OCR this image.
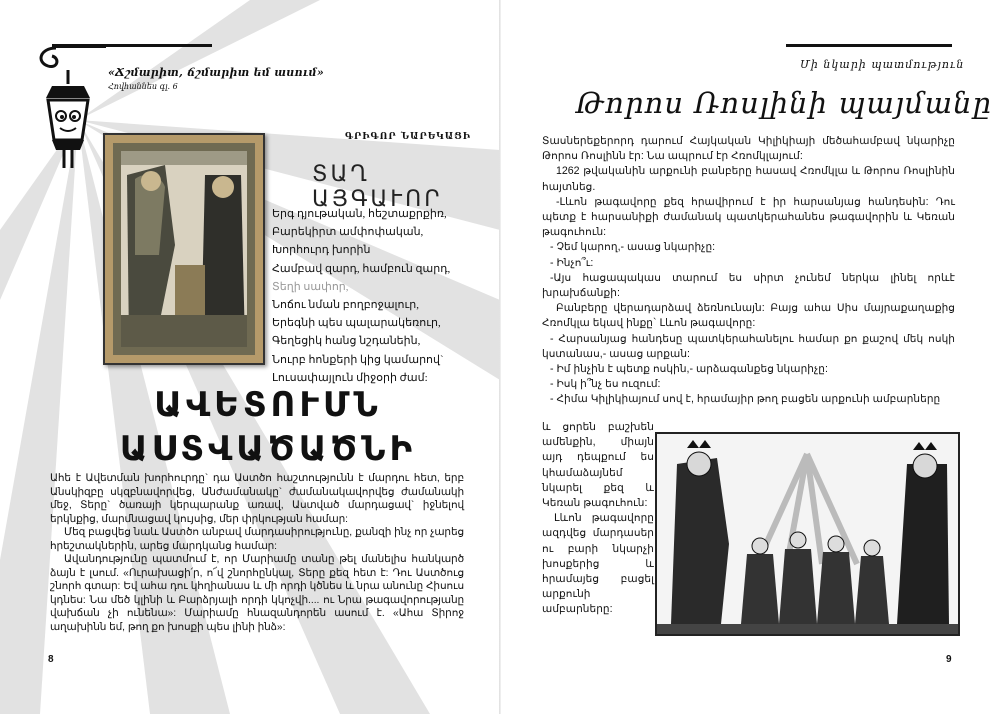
«Ճշմարիտ, ճշմարիտ եմ ասում»
Հովհաննես գլ. 6
ԳՐԻԳՈՐ ՆԱՐԵԿԱՑԻ
ՏԱՂ ԱՅԳԱՒՈՐ
Երգ դյութական, հեշտաքրքիռ,
Բարեկիրտ ամփոփական,
Խորհուրդ խորին
Համբավ զարդ, համբուն զարդ,
Տեղի սափոր,
Նոճու նման բողբոջալուր,
Երեգնի պես պալարակեռուր,
Գեղեցիկ հանց նշդանեին,
Նուրբ հոնքերի կից կամարով`
Լուսափայլուն միջօրի ժամ:
ԱՎԵՏՈՒՄՆ
ԱՍՏՎԱԾԱԾՆԻ

Ահե է Ավետման խորհուրդը` դա Աստծո հաշտությունն է մարդու հետ, երբ Անսկիզբը սկզբնավորվեց, Անժամանակը` ժամանակավորվեց ժամանակի մեջ, Տերը` ծառայի կերպարանք առավ, Աստված մարդացավ` իջնելով երկնքից, մարմնացավ կույսից, մեր փրկության համար:

Մեզ բացվեց նաև Աստծո անբավ մարդասիրությունը, քանզի ինչ որ չարեց հրեշտակներին, արեց մարդկանց համար:

Ավանդությունը պատմում է, որ Մարիամը տանը թել մանելիս հանկարծ ձայն է լսում. «Ուրախացի՛ր, ո՜վ շնորհընկալ, Տերը քեզ հետ է: Դու Աստծուց շնորհ գտար: Եվ ահա դու կհղիանաս և մի որդի կծնես և նրա անունը Հիսուս կդնես: Նա մեծ կլինի և Բարձրյալի որդի կկոչվի.... ու Նրա թագավորությանը վախճան չի ունենա»: Մարիամը հնազանդորեն ասում է. «Ահա Տիրոջ աղախինն եմ, թող քո խոսքի պես լինի ինձ»:

8
Մի նկարի պատմություն
Թորոս Ռոսլինի պայմանը

Տասներեքերորդ դարում Հայկական Կիլիկիայի մեծահամբավ նկարիչը Թորոս Ռոսլինն էր: Նա ապրում էր Հռոմկլայում:

1262 թվականին արքունի բանբերը հասավ Հռոմկլա և Թորոս Ռոսլինին հայտնեց.

-Լևոն թագավորը քեզ հրավիրում է իր հարսանյաց հանդեսին: Դու պետք է հարսանիքի ժամանակ պատկերահանես թագավորին և Կեռան թագուհուն:

- Չեմ կարող,- ասաց նկարիչը:

- Ինչո՞ւ:

-Այս հացապակաս տարում ես սիրտ չունեմ ներկա լինել որևէ խրախճանքի:

Բանբերը վերադարձավ ձեռնունայն: Բայց ահա Սիս մայրաքաղաքից Հռոմկլա եկավ ինքը` Լևոն թագավորը:

- Հարսանյաց հանդեսը պատկերահանելու համար քո քաշով մեկ ոսկի կստանաս,- ասաց արքան:

- Իմ ինչին է պետք ոսկին,- արձագանքեց նկարիչը:

- Իսկ ի՞նչ ես ուզում:

- Հիմա Կիլիկիայում սով է, հրամայիր թող բացեն արքունի ամբարները

և ցորեն բաշխեն ամենքին, միայն այդ դեպքում ես կհամաձայնեմ նկարել քեզ և Կեռան թագուհուն:

Լևոն թագավորը ազդվեց մարդասեր ու բարի նկարչի խոսքերից և հրամայեց բացել արքունի ամբարները:

9
